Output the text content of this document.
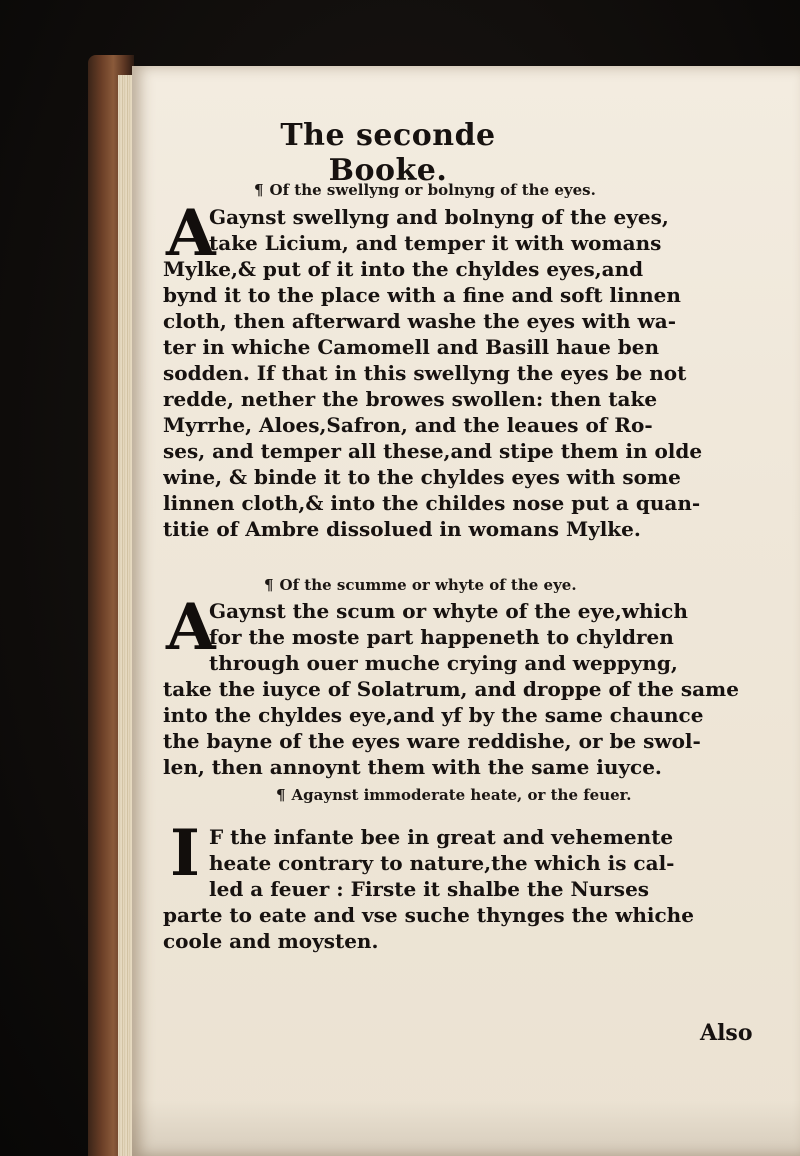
The seconde Booke.
¶ Of the swellyng or bolnyng of the eyes.
A
Gaynst swellyng and bolnyng of the eyes,
take Licium, and temper it with womans
Mylke,& put of it into the chyldes eyes,and
bynd it to the place with a fine and soft linnen
cloth, then afterward washe the eyes with wa-
ter in whiche Camomell and Basill haue ben
sodden. If that in this swellyng the eyes be not
redde, nether the browes swollen: then take
Myrrhe, Aloes,Safron, and the leaues of Ro-
ses, and temper all these,and stipe them in olde
wine, & binde it to the chyldes eyes with some
linnen cloth,& into the childes nose put a quan-
titie of Ambre dissolued in womans Mylke.
¶ Of the scumme or whyte of the eye.
A
Gaynst the scum or whyte of the eye,which
for the moste part happeneth to chyldren
through ouer muche crying and weppyng,
take the iuyce of Solatrum, and droppe of the same
into the chyldes eye,and yf by the same chaunce
the bayne of the eyes ware reddishe, or be swol-
len, then annoynt them with the same iuyce.
¶ Agaynst immoderate heate, or the feuer.
I F the infante bee in great and vehemente
heate contrary to nature,the which is cal-
led a feuer : Firste it shalbe the Nurses
parte to eate and vse suche thynges the whiche
coole and moysten.
Also
